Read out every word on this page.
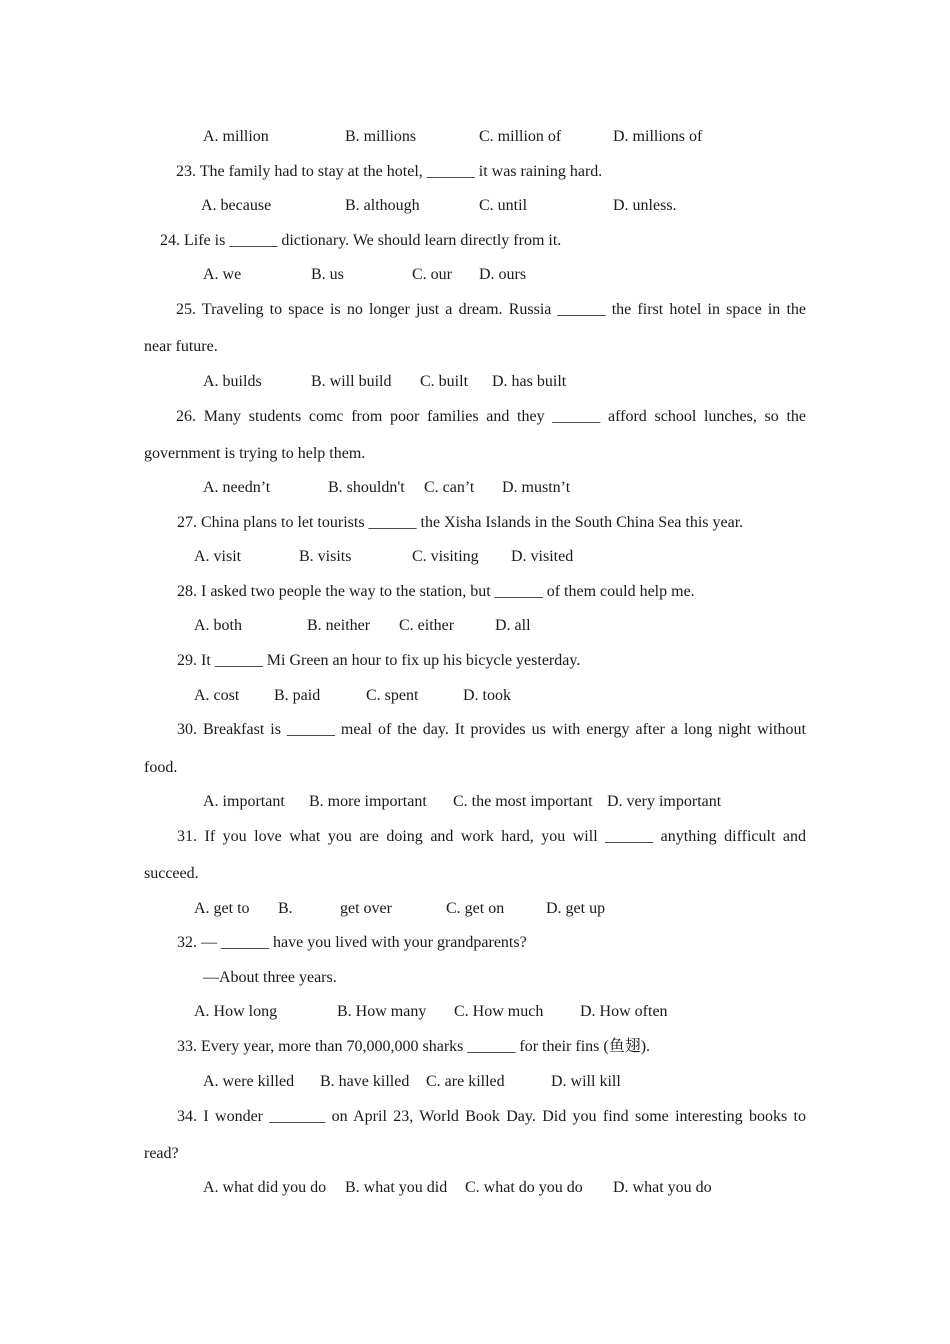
A. million	B. millions	C. million of	D. millions of
23. The family had to stay at the hotel, ______ it was raining hard.
A. because	B. although	C. until	D. unless.
24. Life is ______ dictionary. We should learn directly from it.
A. we	B. us	C. our D. ours
25. Traveling to space is no longer just a dream. Russia ______ the first hotel in space in the
near future.
A. builds	B. will build C. built D. has built
26. Many students comc from poor families and they ______ afford school lunches, so the
government is trying to help them.
A. needn’t	B. shouldn't C. can’t D. mustn’t
27. China plans to let tourists ______ the Xisha Islands in the South China Sea this year.
A. visit	B. visits	C. visiting D. visited
28. I asked two people the way to the station, but ______ of them could help me.
A. both	B. neither C. either	D. all
29. It ______ Mi Green an hour to fix up his bicycle yesterday.
A. cost B. paid	C. spent	D. took
30. Breakfast is ______ meal of the day. It provides us with energy after a long night without
food.
A. important B. more important C. the most important D. very important
31. If you love what you are doing and work hard, you will ______ anything difficult and
succeed.
A. get to B.	get over	C. get on	D. get up
32. — ______ have you lived with your grandparents?
—About three years.
A. How long	B. How many C. How much D. How often
33. Every year, more than 70,000,000 sharks ______ for their fins (鱼翅).
A. were killed B. have killed C. are killed	D. will kill
34. I wonder _______ on April 23, World Book Day. Did you find some interesting books to
read?
A. what did you do B. what you did C. what do you do D. what you do
